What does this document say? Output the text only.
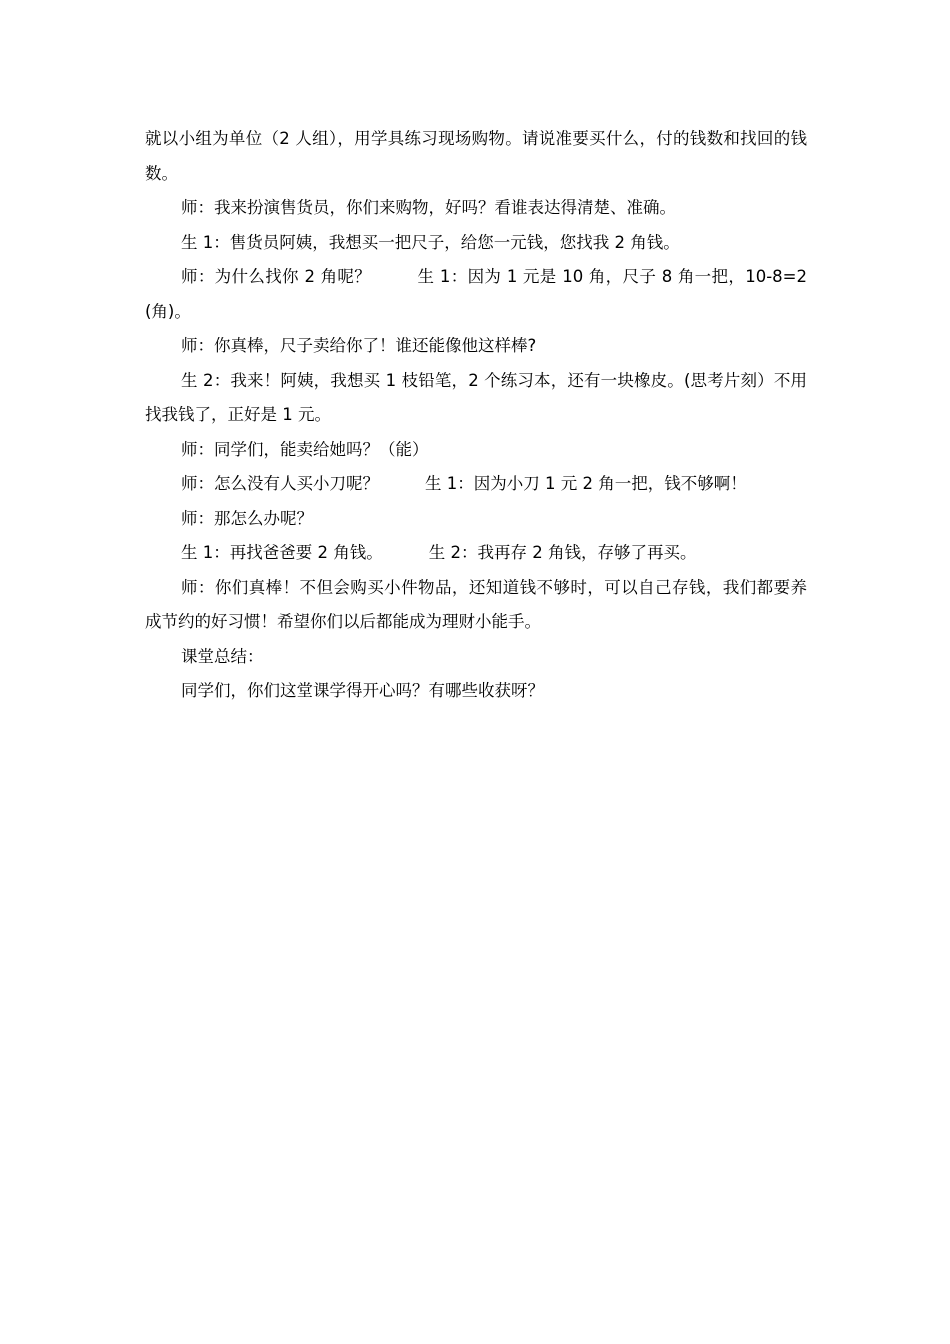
就以小组为单位（2 人组），用学具练习现场购物。请说准要买什么，付的钱数和找回的钱数。

师：我来扮演售货员，你们来购物，好吗？看谁表达得清楚、准确。

生 1：售货员阿姨，我想买一把尺子，给您一元钱，您找我 2 角钱。

师：为什么找你 2 角呢？	生 1：因为 1 元是 10 角，尺子 8 角一把，10-8=2(角)。

师：你真棒，尺子卖给你了！谁还能像他这样棒?

生 2：我来！阿姨，我想买 1 枝铅笔，2 个练习本，还有一块橡皮。(思考片刻）不用找我钱了，正好是 1 元。

师：同学们，能卖给她吗？（能）

师：怎么没有人买小刀呢？	生 1：因为小刀 1 元 2 角一把，钱不够啊！

师：那怎么办呢？

生 1：再找爸爸要 2 角钱。	生 2：我再存 2 角钱，存够了再买。

师：你们真棒！不但会购买小件物品，还知道钱不够时，可以自己存钱，我们都要养成节约的好习惯！希望你们以后都能成为理财小能手。

课堂总结：

同学们，你们这堂课学得开心吗？有哪些收获呀？
